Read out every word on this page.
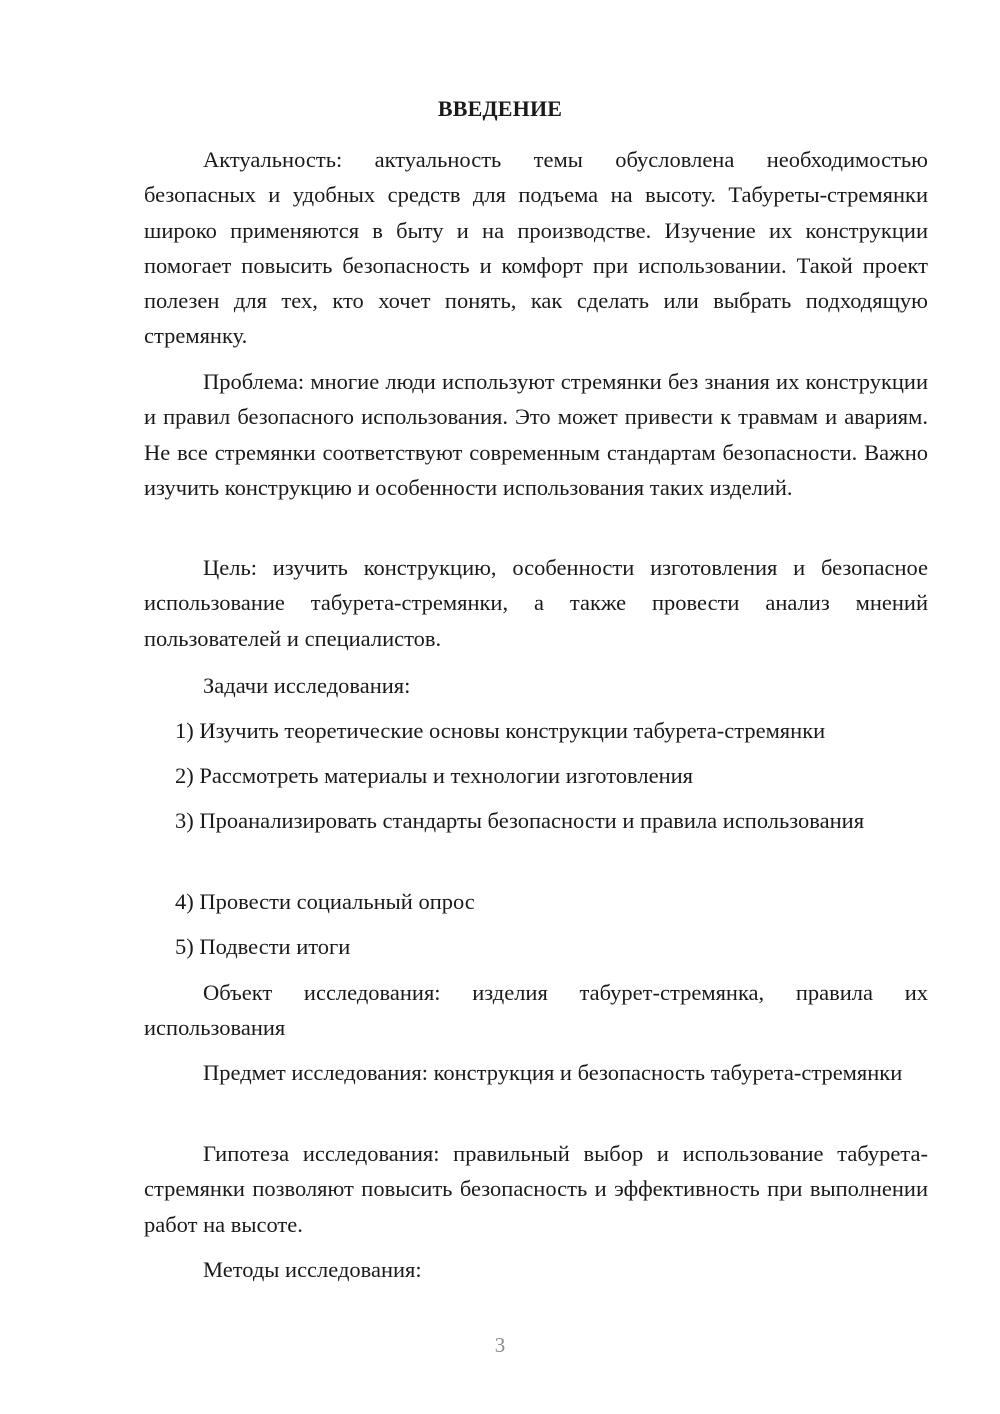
ВВЕДЕНИЕ
Актуальность: актуальность темы обусловлена необходимостью безопасных и удобных средств для подъема на высоту. Табуреты-стремянки широко применяются в быту и на производстве. Изучение их конструкции помогает повысить безопасность и комфорт при использовании. Такой проект полезен для тех, кто хочет понять, как сделать или выбрать подходящую стремянку.
Проблема: многие люди используют стремянки без знания их конструкции и правил безопасного использования. Это может привести к травмам и авариям. Не все стремянки соответствуют современным стандартам безопасности. Важно изучить конструкцию и особенности использования таких изделий.
Цель: изучить конструкцию, особенности изготовления и безопасное использование табурета-стремянки, а также провести анализ мнений пользователей и специалистов.
Задачи исследования:
1) Изучить теоретические основы конструкции табурета-стремянки
2) Рассмотреть материалы и технологии изготовления
3) Проанализировать стандарты безопасности и правила использования
4) Провести социальный опрос
5) Подвести итоги
Объект исследования: изделия табурет-стремянка, правила их использования
Предмет исследования: конструкция и безопасность табурета-стремянки
Гипотеза исследования: правильный выбор и использование табурета-стремянки позволяют повысить безопасность и эффективность при выполнении работ на высоте.
Методы исследования:
3
